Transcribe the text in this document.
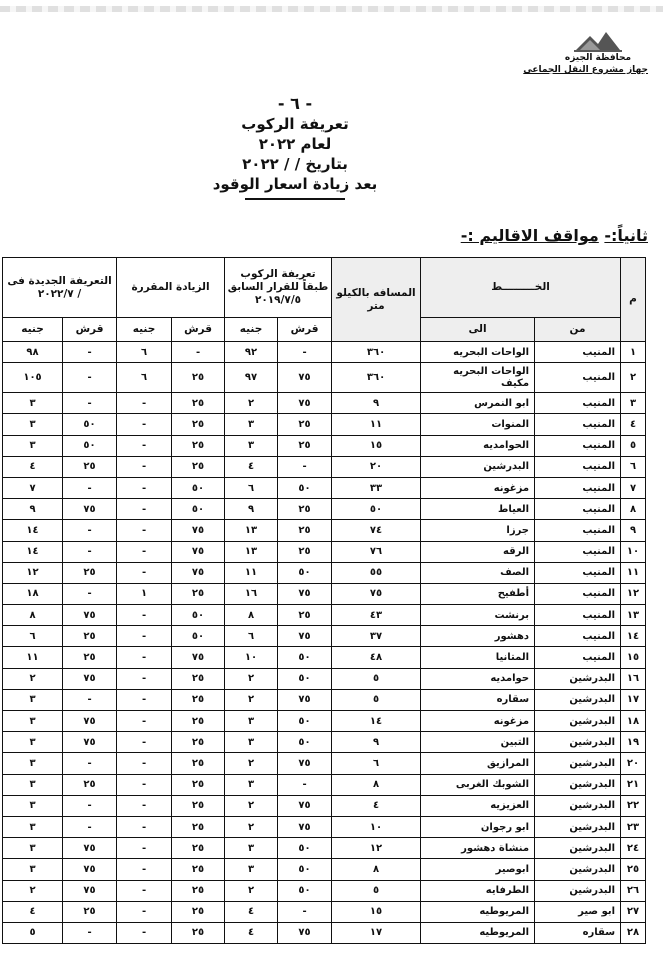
محافظة الجيزه
جهاز مشروع النقل الجماعى
- ٦ -
تعريفة الركوب
لعام ٢٠٢٢
بتاريخ / / ٢٠٢٢
بعد زيادة اسعار الوقود
ثانياً:- مواقف الاقاليم :-
م	الخـــــــــط		المسافه بالكيلو متر	تعريفة الركوب طبقاً للقرار السابق ٢٠١٩/٧/٥		الزيادة المقررة		التعريفة الجديدة فى / ٢٠٢٢/٧	
	من	الى		قرش	جنيه	قرش	جنيه	قرش	جنيه
١	المنيب	الواحات البحريه	٣٦٠	-	٩٢	-	٦	-	٩٨
٢	المنيب	الواحات البحريه مكيف	٣٦٠	٧٥	٩٧	٢٥	٦	-	١٠٥
٣	المنيب	ابو النمرس	٩	٧٥	٢	٢٥	-	-	٣
٤	المنيب	المنوات	١١	٢٥	٣	٢٥	-	٥٠	٣
٥	المنيب	الحوامديه	١٥	٢٥	٣	٢٥	-	٥٠	٣
٦	المنيب	البدرشين	٢٠	-	٤	٢٥	-	٢٥	٤
٧	المنيب	مزغونه	٣٣	٥٠	٦	٥٠	-	-	٧
٨	المنيب	العياط	٥٠	٢٥	٩	٥٠	-	٧٥	٩
٩	المنيب	جرزا	٧٤	٢٥	١٣	٧٥	-	-	١٤
١٠	المنيب	الرقه	٧٦	٢٥	١٣	٧٥	-	-	١٤
١١	المنيب	الصف	٥٥	٥٠	١١	٧٥	-	٢٥	١٢
١٢	المنيب	أطفيح	٧٥	٧٥	١٦	٢٥	١	-	١٨
١٣	المنيب	برنشت	٤٣	٢٥	٨	٥٠	-	٧٥	٨
١٤	المنيب	دهشور	٣٧	٧٥	٦	٥٠	-	٢٥	٦
١٥	المنيب	المتانيا	٤٨	٥٠	١٠	٧٥	-	٢٥	١١
١٦	البدرشين	حوامديه	٥	٥٠	٢	٢٥	-	٧٥	٢
١٧	البدرشين	سقاره	٥	٧٥	٢	٢٥	-	-	٣
١٨	البدرشين	مزغونه	١٤	٥٠	٣	٢٥	-	٧٥	٣
١٩	البدرشين	التبين	٩	٥٠	٣	٢٥	-	٧٥	٣
٢٠	البدرشين	المرازيق	٦	٧٥	٢	٢٥	-	-	٣
٢١	البدرشين	الشوبك الغربى	٨	-	٣	٢٥	-	٢٥	٣
٢٢	البدرشين	العزيزيه	٤	٧٥	٢	٢٥	-	-	٣
٢٣	البدرشين	ابو رجوان	١٠	٧٥	٢	٢٥	-	-	٣
٢٤	البدرشين	منشاة دهشور	١٢	٥٠	٣	٢٥	-	٧٥	٣
٢٥	البدرشين	ابوصير	٨	٥٠	٣	٢٥	-	٧٥	٣
٢٦	البدرشين	الطرفايه	٥	٥٠	٢	٢٥	-	٧٥	٢
٢٧	ابو صير	المريوطيه	١٥	-	٤	٢٥	-	٢٥	٤
٢٨	سقاره	المريوطيه	١٧	٧٥	٤	٢٥	-	-	٥
